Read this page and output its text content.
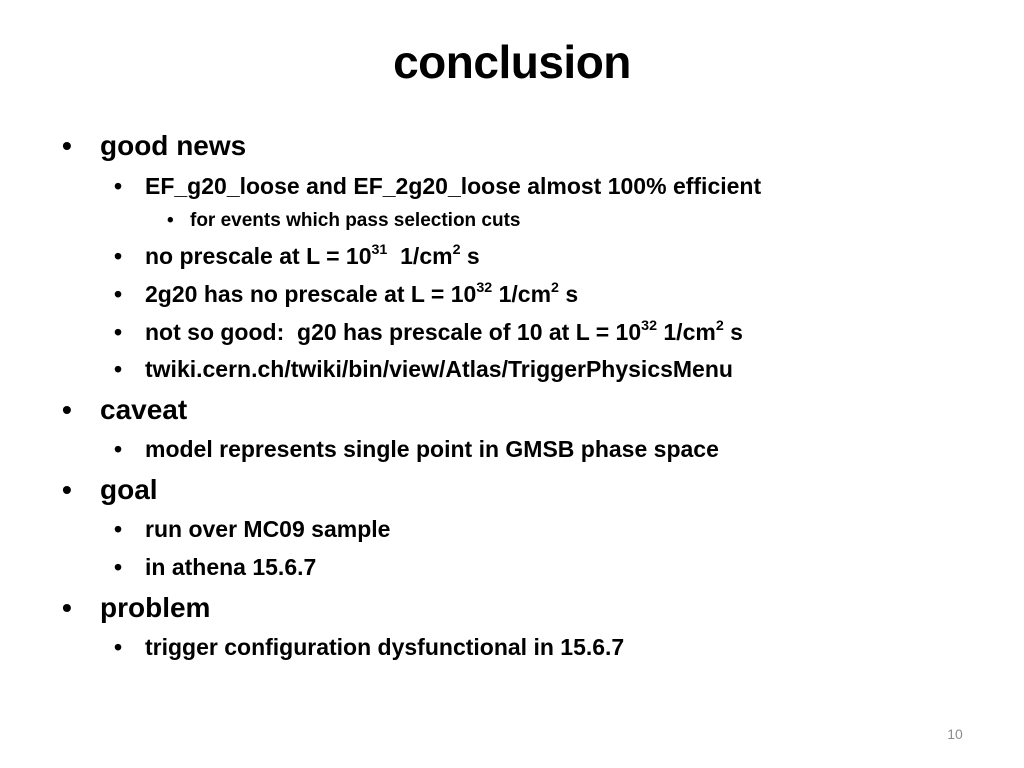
conclusion
• good news
• EF_g20_loose and EF_2g20_loose almost 100% efficient
• for events which pass selection cuts
• no prescale at $L = 10^{31}$  $1/cm^2$ s
• 2g20 has no prescale at $L = 10^{32}$ $1/cm^2$ s
• not so good:  g20 has prescale of 10 at $L = 10^{32}$ $1/cm^2$ s
• twiki.cern.ch/twiki/bin/view/Atlas/TriggerPhysicsMenu
• caveat
• model represents single point in GMSB phase space
• goal
• run over MC09 sample
• in athena 15.6.7
• problem
• trigger configuration dysfunctional in 15.6.7
10
